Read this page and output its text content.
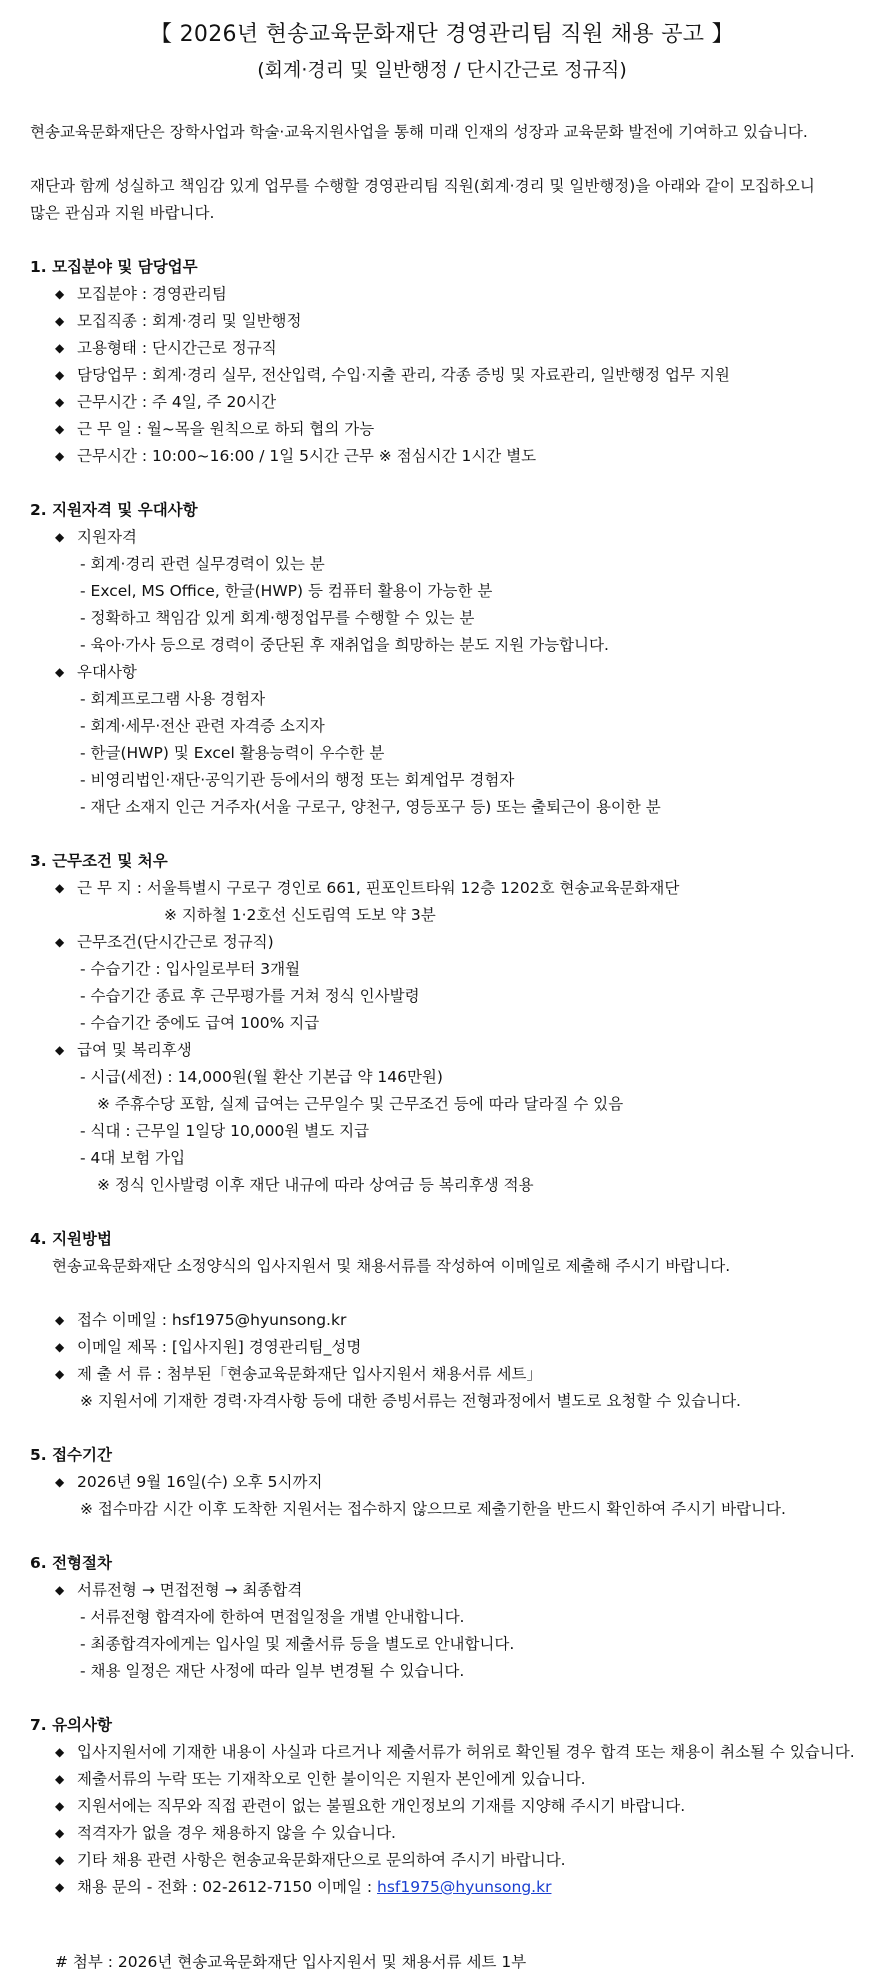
【 2026년 현송교육문화재단 경영관리팀 직원 채용 공고 】
(회계·경리 및 일반행정 / 단시간근로 정규직)
현송교육문화재단은 장학사업과 학술·교육지원사업을 통해 미래 인재의 성장과 교육문화 발전에 기여하고 있습니다.
재단과 함께 성실하고 책임감 있게 업무를 수행할 경영관리팀 직원(회계·경리 및 일반행정)을 아래와 같이 모집하오니
많은 관심과 지원 바랍니다.
1. 모집분야 및 담당업무
◆ 모집분야 : 경영관리팀
◆ 모집직종 : 회계·경리 및 일반행정
◆ 고용형태 : 단시간근로 정규직
◆ 담당업무 : 회계·경리 실무, 전산입력, 수입·지출 관리, 각종 증빙 및 자료관리, 일반행정 업무 지원
◆ 근무시간 : 주 4일, 주 20시간
◆ 근 무 일 : 월~목을 원칙으로 하되 협의 가능
◆ 근무시간 : 10:00~16:00 / 1일 5시간 근무 ※ 점심시간 1시간 별도
2. 지원자격 및 우대사항
◆ 지원자격
- 회계·경리 관련 실무경력이 있는 분
- Excel, MS Office, 한글(HWP) 등 컴퓨터 활용이 가능한 분
- 정확하고 책임감 있게 회계·행정업무를 수행할 수 있는 분
- 육아·가사 등으로 경력이 중단된 후 재취업을 희망하는 분도 지원 가능합니다.
◆ 우대사항
- 회계프로그램 사용 경험자
- 회계·세무·전산 관련 자격증 소지자
- 한글(HWP) 및 Excel 활용능력이 우수한 분
- 비영리법인·재단·공익기관 등에서의 행정 또는 회계업무 경험자
- 재단 소재지 인근 거주자(서울 구로구, 양천구, 영등포구 등) 또는 출퇴근이 용이한 분
3. 근무조건 및 처우
◆ 근 무 지 : 서울특별시 구로구 경인로 661, 핀포인트타워 12층 1202호 현송교육문화재단
※ 지하철 1·2호선 신도림역 도보 약 3분
◆ 근무조건(단시간근로 정규직)
- 수습기간 : 입사일로부터 3개월
- 수습기간 종료 후 근무평가를 거쳐 정식 인사발령
- 수습기간 중에도 급여 100% 지급
◆ 급여 및 복리후생
- 시급(세전) : 14,000원(월 환산 기본급 약 146만원)
※ 주휴수당 포함, 실제 급여는 근무일수 및 근무조건 등에 따라 달라질 수 있음
- 식대 : 근무일 1일당 10,000원 별도 지급
- 4대 보험 가입
※ 정식 인사발령 이후 재단 내규에 따라 상여금 등 복리후생 적용
4. 지원방법
현송교육문화재단 소정양식의 입사지원서 및 채용서류를 작성하여 이메일로 제출해 주시기 바랍니다.
◆ 접수 이메일 : hsf1975@hyunsong.kr
◆ 이메일 제목 : [입사지원] 경영관리팀_성명
◆ 제 출 서 류 : 첨부된「현송교육문화재단 입사지원서 채용서류 세트」
※ 지원서에 기재한 경력·자격사항 등에 대한 증빙서류는 전형과정에서 별도로 요청할 수 있습니다.
5. 접수기간
◆ 2026년 9월 16일(수) 오후 5시까지
※ 접수마감 시간 이후 도착한 지원서는 접수하지 않으므로 제출기한을 반드시 확인하여 주시기 바랍니다.
6. 전형절차
◆ 서류전형 → 면접전형 → 최종합격
- 서류전형 합격자에 한하여 면접일정을 개별 안내합니다.
- 최종합격자에게는 입사일 및 제출서류 등을 별도로 안내합니다.
- 채용 일정은 재단 사정에 따라 일부 변경될 수 있습니다.
7. 유의사항
◆ 입사지원서에 기재한 내용이 사실과 다르거나 제출서류가 허위로 확인될 경우 합격 또는 채용이 취소될 수 있습니다.
◆ 제출서류의 누락 또는 기재착오로 인한 불이익은 지원자 본인에게 있습니다.
◆ 지원서에는 직무와 직접 관련이 없는 불필요한 개인정보의 기재를 지양해 주시기 바랍니다.
◆ 적격자가 없을 경우 채용하지 않을 수 있습니다.
◆ 기타 채용 관련 사항은 현송교육문화재단으로 문의하여 주시기 바랍니다.
◆ 채용 문의 - 전화 : 02-2612-7150 이메일 : hsf1975@hyunsong.kr
# 첨부 : 2026년 현송교육문화재단 입사지원서 및 채용서류 세트 1부
